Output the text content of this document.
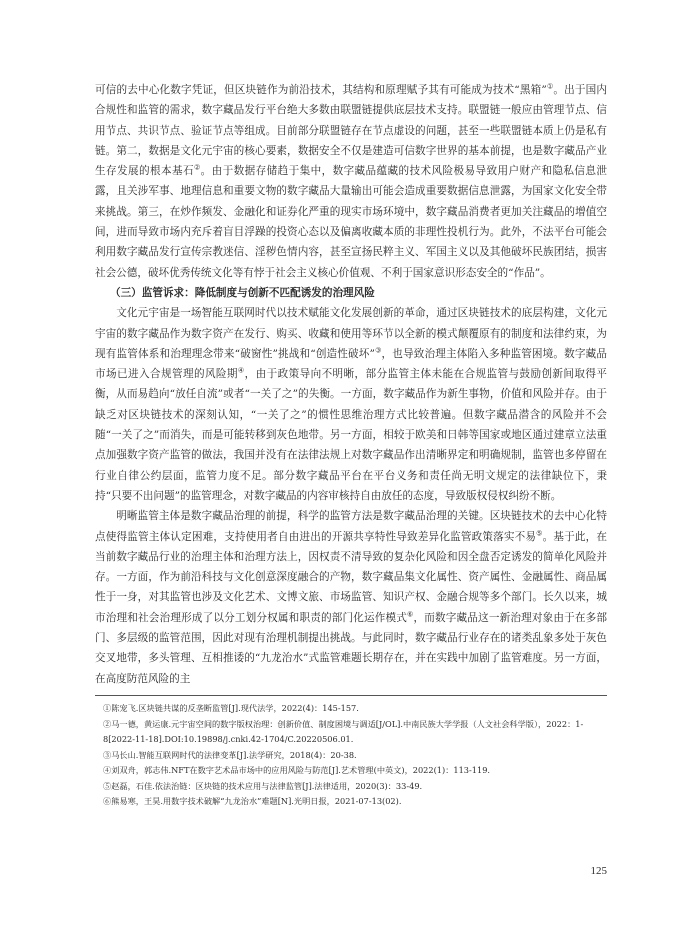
可信的去中心化数字凭证，但区块链作为前沿技术，其结构和原理赋予其有可能成为技术“黑箱”①。出于国内合规性和监管的需求，数字藏品发行平台绝大多数由联盟链提供底层技术支持。联盟链一般应由管理节点、信用节点、共识节点、验证节点等组成。目前部分联盟链存在节点虚设的问题，甚至一些联盟链本质上仍是私有链。第二，数据是文化元宇宙的核心要素，数据安全不仅是建造可信数字世界的基本前提，也是数字藏品产业生存发展的根本基石②。由于数据存储趋于集中，数字藏品蕴藏的技术风险极易导致用户财产和隐私信息泄露，且关涉军事、地理信息和重要文物的数字藏品大量输出可能会造成重要数据信息泄露，为国家文化安全带来挑战。第三，在炒作频发、金融化和证券化严重的现实市场环境中，数字藏品消费者更加关注藏品的增值空间，进而导致市场内充斥着盲目浮躁的投资心态以及偏离收藏本质的非理性投机行为。此外，不法平台可能会利用数字藏品发行宣传宗教迷信、淫秽色情内容，甚至宣扬民粹主义、军国主义以及其他破坏民族团结，损害社会公德，破坏优秀传统文化等有悖于社会主义核心价值观、不利于国家意识形态安全的“作品”。

（三）监管诉求：降低制度与创新不匹配诱发的治理风险

文化元宇宙是一场智能互联网时代以技术赋能文化发展创新的革命，通过区块链技术的底层构建，文化元宇宙的数字藏品作为数字资产在发行、购买、收藏和使用等环节以全新的模式颠覆原有的制度和法律约束，为现有监管体系和治理理念带来“破窗性”挑战和“创造性破坏”③，也导致治理主体陷入多种监管困境。数字藏品市场已进入合规管理的风险期④，由于政策导向不明晰，部分监管主体未能在合规监管与鼓励创新间取得平衡，从而易趋向“放任自流”或者“一关了之”的失衡。一方面，数字藏品作为新生事物，价值和风险并存。由于缺乏对区块链技术的深刻认知，“一关了之”的惯性思维治理方式比较普遍。但数字藏品潜含的风险并不会随“一关了之”而消失，而是可能转移到灰色地带。另一方面，相较于欧美和日韩等国家或地区通过建章立法重点加强数字资产监管的做法，我国并没有在法律法规上对数字藏品作出清晰界定和明确规制，监管也多停留在行业自律公约层面，监管力度不足。部分数字藏品平台在平台义务和责任尚无明文规定的法律缺位下，秉持“只要不出问题”的监管理念，对数字藏品的内容审核持自由放任的态度，导致版权侵权纠纷不断。

明晰监管主体是数字藏品治理的前提，科学的监管方法是数字藏品治理的关键。区块链技术的去中心化特点使得监管主体认定困难，支持使用者自由进出的开源共享特性导致差异化监管政策落实不易⑤。基于此，在当前数字藏品行业的治理主体和治理方法上，因权责不清导致的复杂化风险和因全盘否定诱发的简单化风险并存。一方面，作为前沿科技与文化创意深度融合的产物，数字藏品集文化属性、资产属性、金融属性、商品属性于一身，对其监管也涉及文化艺术、文博文旅、市场监管、知识产权、金融合规等多个部门。长久以来，城市治理和社会治理形成了以分工划分权属和职责的部门化运作模式⑥，而数字藏品这一新治理对象由于在多部门、多层级的监管范围，因此对现有治理机制提出挑战。与此同时，数字藏品行业存在的诸类乱象多处于灰色交叉地带，多头管理、互相推诿的“九龙治水”式监管难题长期存在，并在实践中加剧了监管难度。另一方面，在高度防范风险的主

①陈宠飞.区块链共谋的反垄断监管[J].现代法学，2022(4)：145-157.

②马一德，黄运康.元宇宙空间的数字版权治理：创新价值、制度困境与调适[J/OL].中南民族大学学报（人文社会科学版），2022：1-8[2022-11-18].DOI:10.19898/j.cnki.42-1704/C.20220506.01.

③马长山.智能互联网时代的法律变革[J].法学研究，2018(4)：20-38.

④刘双舟，郭志伟.NFT在数字艺术品市场中的应用风险与防范[J].艺术管理(中英文)，2022(1)：113-119.

⑤赵磊，石佳.依法治链：区块链的技术应用与法律监管[J].法律适用，2020(3)：33-49.

⑥熊易寒，王昊.用数字技术破解“九龙治水”难题[N].光明日报，2021-07-13(02).

125
